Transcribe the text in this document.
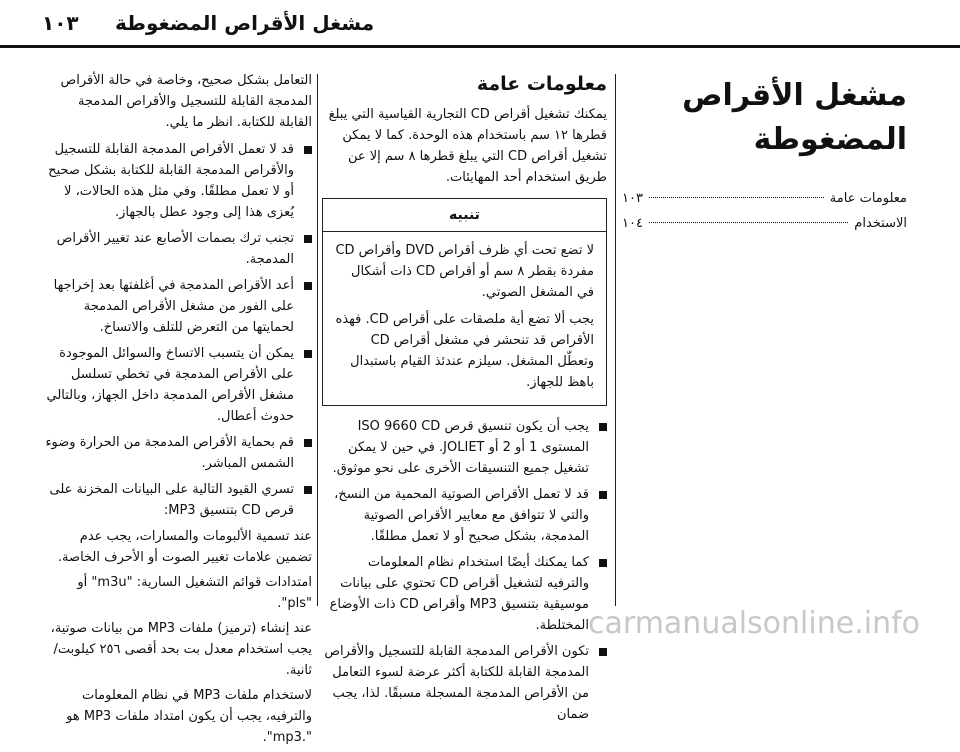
١٠٣ مشغل الأقراص المضغوطة
مشغل الأقراص المضغوطة
معلومات عامة
١٠٣
الاستخدام
١٠٤
معلومات عامة

يمكنك تشغيل أقراص CD التجارية القياسية التي يبلغ قطرها ١٢ سم باستخدام هذه الوحدة. كما لا يمكن تشغيل أقراص CD التي يبلغ قطرها ٨ سم إلا عن طريق استخدام أحد المهايئات.

تنبيه

لا تضع تحت أي ظرف أقراص DVD وأقراص CD مفردة بقطر ٨ سم أو أقراص CD ذات أشكال في المشغل الصوتي.

يجب ألا تضع أية ملصقات على أقراص CD. فهذه الأقراص قد تنحشر في مشغل أقراص CD وتعطّل المشغل. سيلزم عندئذ القيام باستبدال باهظ للجهاز.

يجب أن يكون تنسيق قرص ISO 9660 CD المستوى 1 أو 2 أو JOLIET. في حين لا يمكن تشغيل جميع التنسيقات الأخرى على نحو موثوق.
قد لا تعمل الأقراص الصوتية المحمية من النسخ، والتي لا تتوافق مع معايير الأقراص الصوتية المدمجة، بشكل صحيح أو لا تعمل مطلقًا.
كما يمكنك أيضًا استخدام نظام المعلومات والترفيه لتشغيل أقراص CD تحتوي على بيانات موسيقية بتنسيق MP3 وأقراص CD ذات الأوضاع المختلطة.
تكون الأقراص المدمجة القابلة للتسجيل والأقراص المدمجة القابلة للكتابة أكثر عرضة لسوء التعامل من الأقراص المدمجة المسجلة مسبقًا. لذا، يجب ضمان

التعامل بشكل صحيح، وخاصة في حالة الأقراص المدمجة القابلة للتسجيل والأقراص المدمجة القابلة للكتابة. انظر ما يلي.

قد لا تعمل الأقراص المدمجة القابلة للتسجيل والأقراص المدمجة القابلة للكتابة بشكل صحيح أو لا تعمل مطلقًا. وفي مثل هذه الحالات، لا يُعزى هذا إلى وجود عطل بالجهاز.
تجنب ترك بصمات الأصابع عند تغيير الأقراص المدمجة.
أعد الأقراص المدمجة في أغلفتها بعد إخراجها على الفور من مشغل الأقراص المدمجة لحمايتها من التعرض للتلف والاتساخ.
يمكن أن يتسبب الاتساخ والسوائل الموجودة على الأقراص المدمجة في تخطي تسلسل مشغل الأقراص المدمجة داخل الجهاز، وبالتالي حدوث أعطال.
قم بحماية الأقراص المدمجة من الحرارة وضوء الشمس المباشر.
تسري القيود التالية على البيانات المخزنة على قرص CD بتنسيق MP3:

عند تسمية الألبومات والمسارات، يجب عدم تضمين علامات تغيير الصوت أو الأحرف الخاصة.

امتدادات قوائم التشغيل السارية: "m3u" أو "pls".

عند إنشاء (ترميز) ملفات MP3 من بيانات صوتية، يجب استخدام معدل بت بحد أقصى ٢٥٦ كيلوبت/ثانية.

لاستخدام ملفات MP3 في نظام المعلومات والترفيه، يجب أن يكون امتداد ملفات MP3 هو ".mp3".

carmanualsonline.info
